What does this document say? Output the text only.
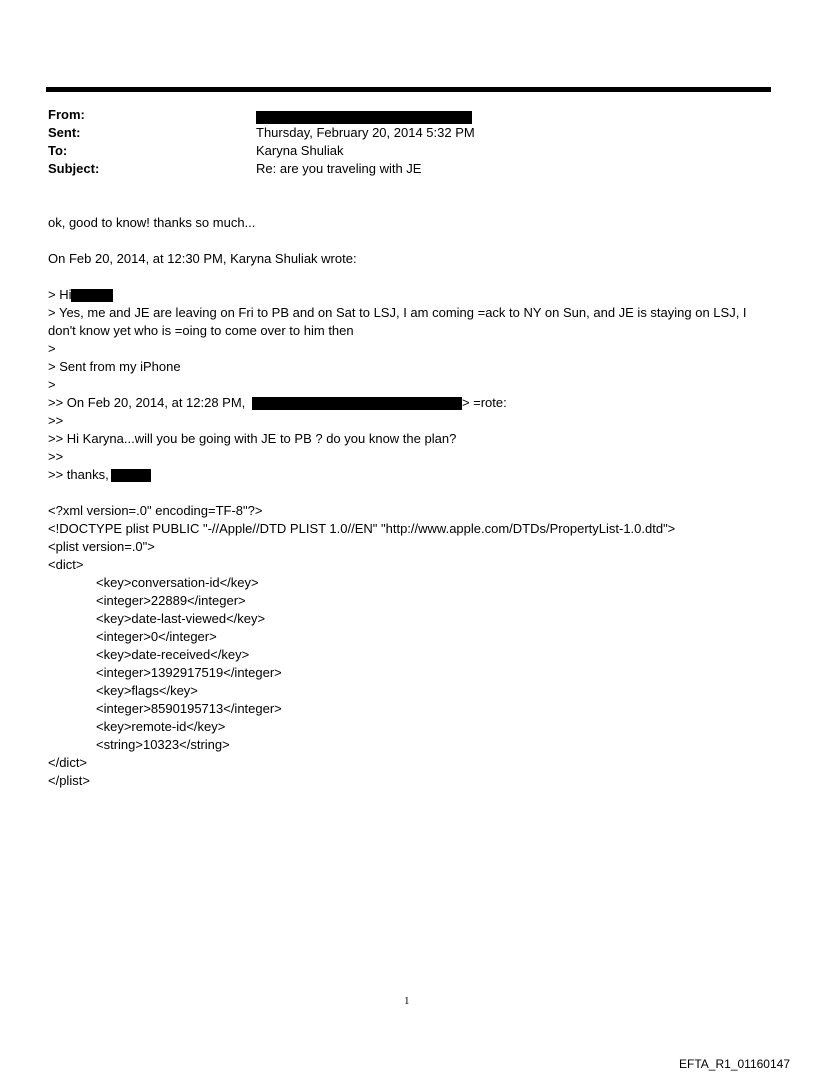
From:
Sent:	Thursday, February 20, 2014 5:32 PM
To:	Karyna Shuliak
Subject:	Re: are you traveling with JE
ok, good to know! thanks so much...
On Feb 20, 2014, at 12:30 PM, Karyna Shuliak wrote:
> Hi
> Yes, me and JE are leaving on Fri to PB and on Sat to LSJ, I am coming =ack to NY on Sun, and JE is staying on LSJ, I don't know yet who is =oing to come over to him then
>
> Sent from my iPhone
>
>> On Feb 20, 2014, at 12:28 PM,	> =rote:
>>
>> Hi Karyna...will you be going with JE to PB ? do you know the plan?
>>
>> thanks,
<?xml version=.0" encoding=TF-8"?>
<!DOCTYPE plist PUBLIC "-//Apple//DTD PLIST 1.0//EN" "http://www.apple.com/DTDs/PropertyList-1.0.dtd">
<plist version=.0">
<dict>
<key>conversation-id</key>
<integer>22889</integer>
<key>date-last-viewed</key>
<integer>0</integer>
<key>date-received</key>
<integer>1392917519</integer>
<key>flags</key>
<integer>8590195713</integer>
<key>remote-id</key>
<string>10323</string>
</dict>
</plist>
1
EFTA_R1_01160147
